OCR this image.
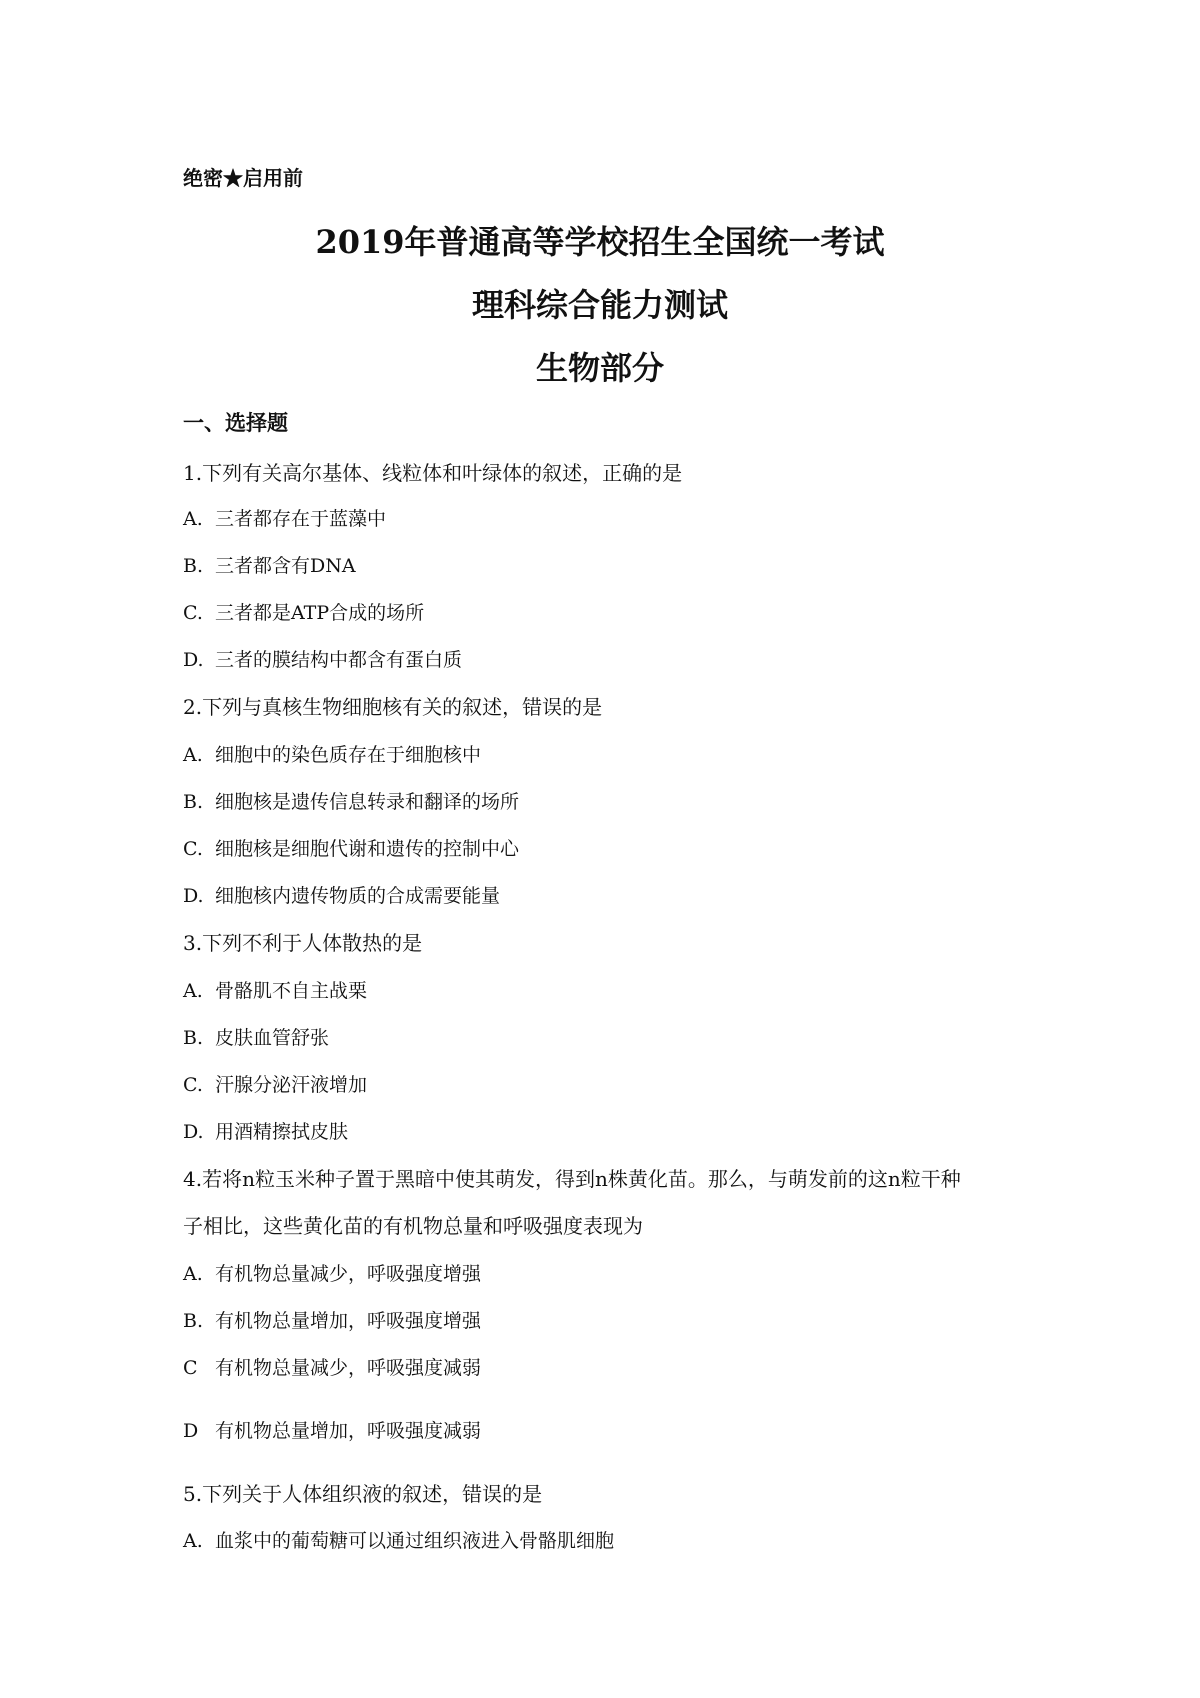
绝密★启用前
2019年普通高等学校招生全国统一考试
理科综合能力测试
生物部分
一、选择题
1.下列有关高尔基体、线粒体和叶绿体的叙述，正确的是
A. 三者都存在于蓝藻中
B. 三者都含有DNA
C. 三者都是ATP合成的场所
D. 三者的膜结构中都含有蛋白质
2.下列与真核生物细胞核有关的叙述，错误的是
A. 细胞中的染色质存在于细胞核中
B. 细胞核是遗传信息转录和翻译的场所
C. 细胞核是细胞代谢和遗传的控制中心
D. 细胞核内遗传物质的合成需要能量
3.下列不利于人体散热的是
A. 骨骼肌不自主战栗
B. 皮肤血管舒张
C. 汗腺分泌汗液增加
D. 用酒精擦拭皮肤
4.若将n粒玉米种子置于黑暗中使其萌发，得到n株黄化苗。那么，与萌发前的这n粒干种
子相比，这些黄化苗的有机物总量和呼吸强度表现为
A. 有机物总量减少，呼吸强度增强
B. 有机物总量增加，呼吸强度增强
C 有机物总量减少，呼吸强度减弱
D 有机物总量增加，呼吸强度减弱
5.下列关于人体组织液的叙述，错误的是
A. 血浆中的葡萄糖可以通过组织液进入骨骼肌细胞
